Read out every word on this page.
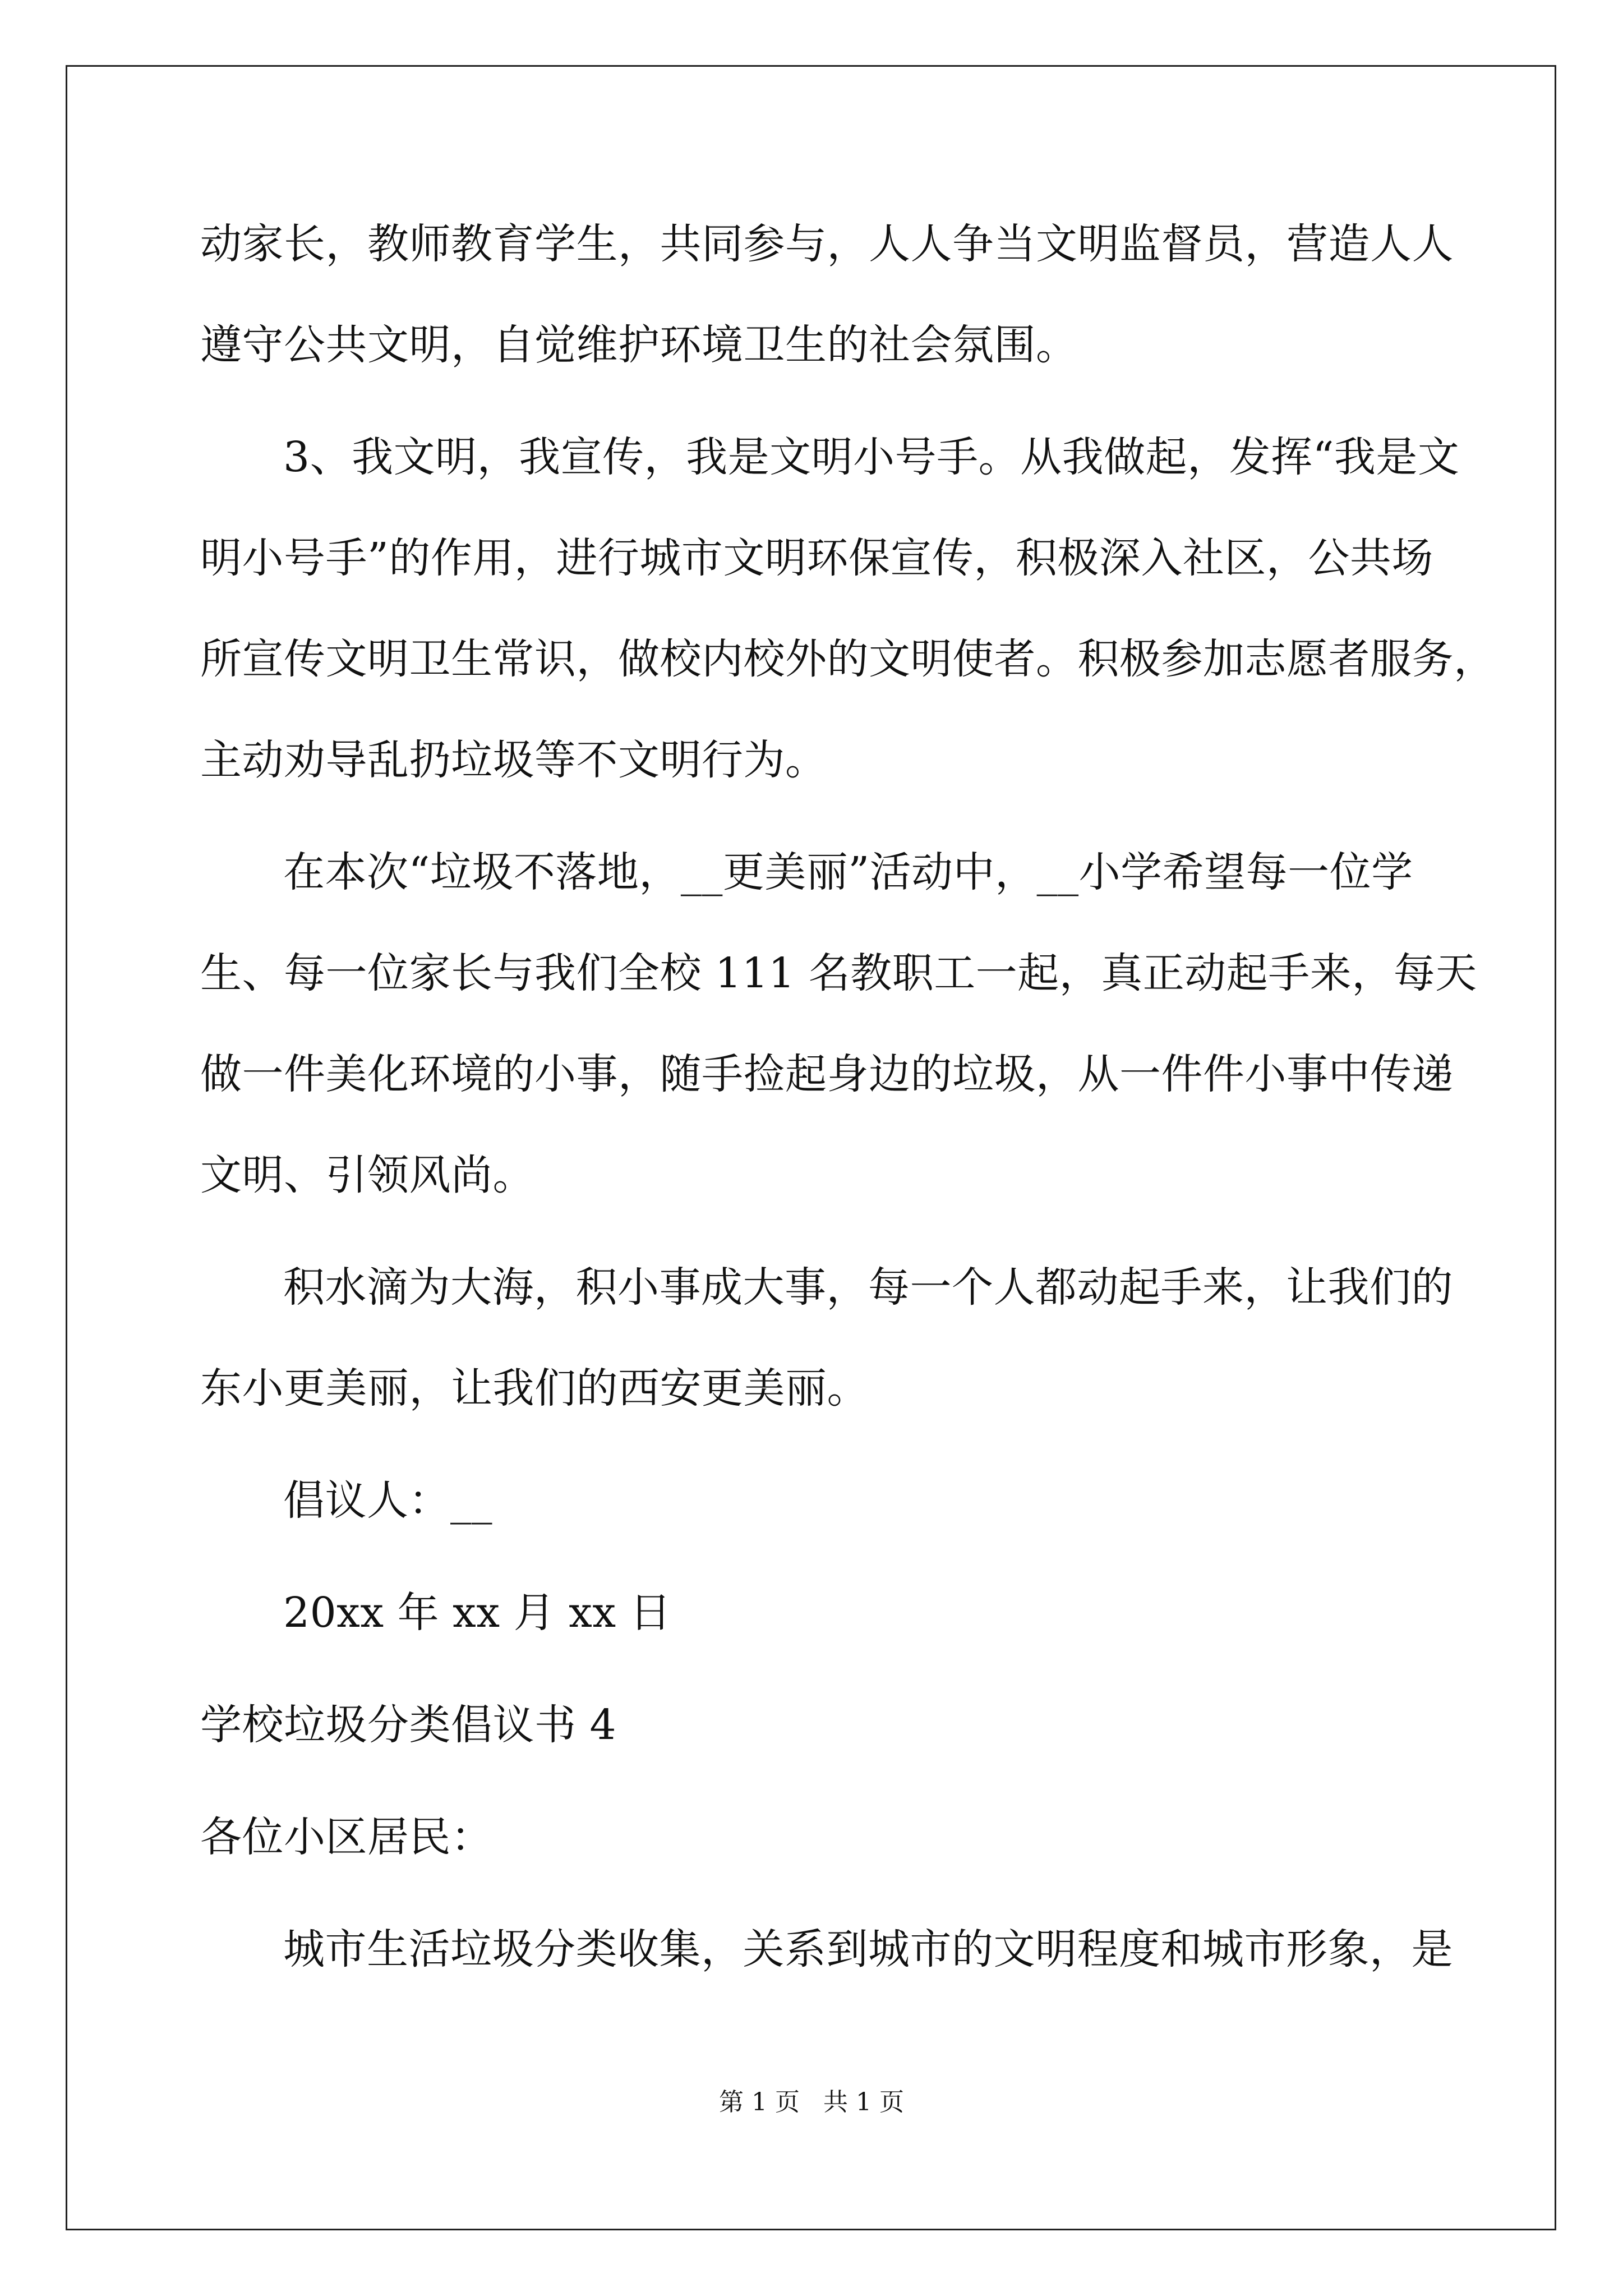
动家长，教师教育学生，共同参与，人人争当文明监督员，营造人人
遵守公共文明，自觉维护环境卫生的社会氛围。
3、我文明，我宣传，我是文明小号手。从我做起，发挥“我是文
明小号手”的作用，进行城市文明环保宣传，积极深入社区，公共场
所宣传文明卫生常识，做校内校外的文明使者。积极参加志愿者服务，
主动劝导乱扔垃圾等不文明行为。
在本次“垃圾不落地，__更美丽”活动中，__小学希望每一位学
生、每一位家长与我们全校 111 名教职工一起，真正动起手来，每天
做一件美化环境的小事，随手捡起身边的垃圾，从一件件小事中传递
文明、引领风尚。
积水滴为大海，积小事成大事，每一个人都动起手来，让我们的
东小更美丽，让我们的西安更美丽。
倡议人：__
20xx 年 xx 月 xx 日
学校垃圾分类倡议书 4
各位小区居民：
城市生活垃圾分类收集，关系到城市的文明程度和城市形象，是
第 1 页   共 1 页
